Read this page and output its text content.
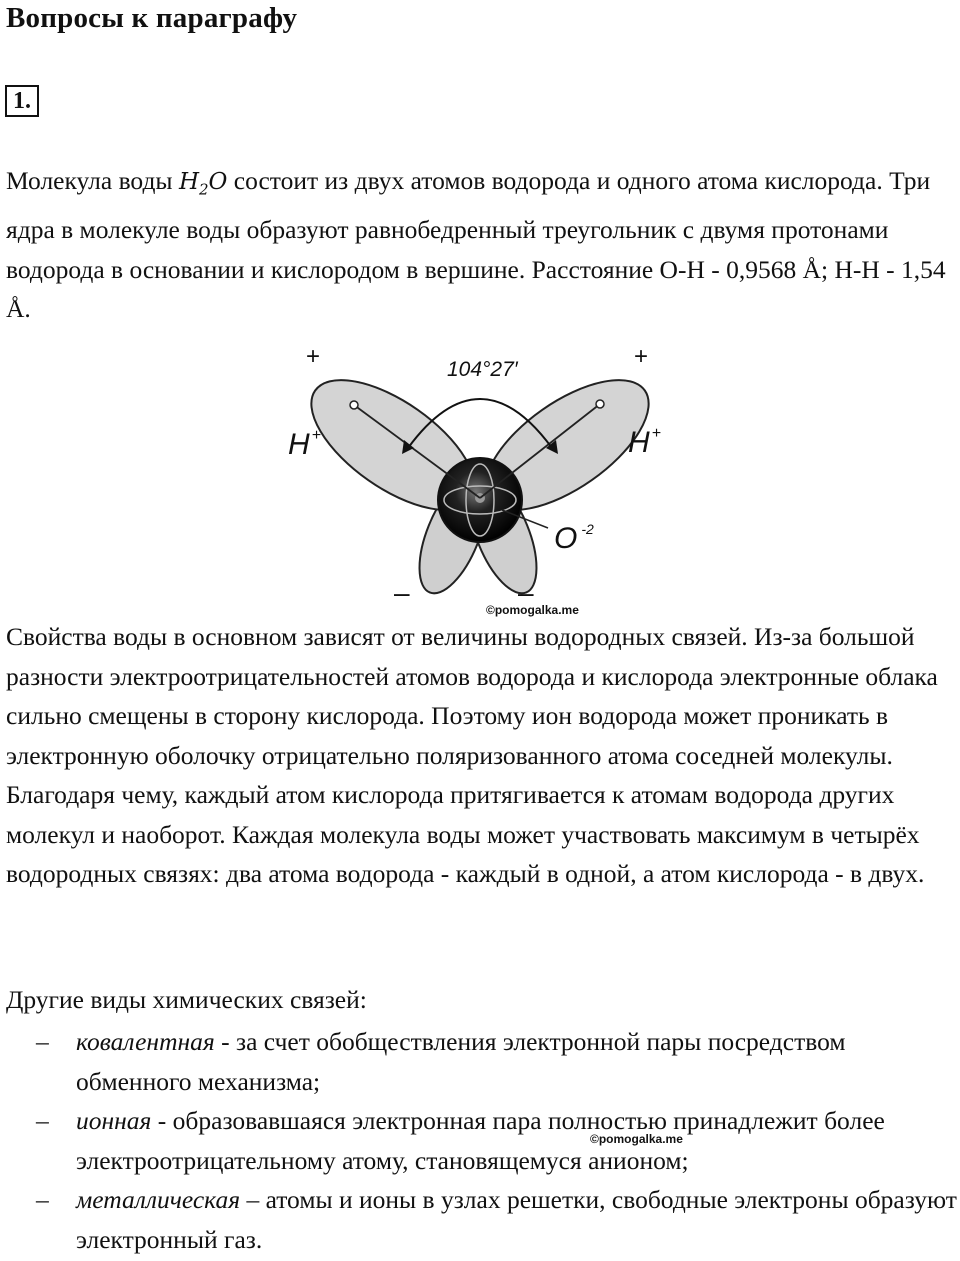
Вопросы к параграфу
1.

Молекула воды $H_2O$ состоит из двух атомов водорода и одного атома кислорода. Три ядра в молекуле воды образуют равнобедренный треугольник с двумя протонами водорода в основании и кислородом в вершине. Расстояние О-Н - 0,9568 Å; Н-Н - 1,54 Å.

104°27′
+	+
H +	H +
O $^{-2}$
–	–
©pomogalka.me

Свойства воды в основном зависят от величины водородных связей. Из-за большой разности электроотрицательностей атомов водорода и кислорода электронные облака сильно смещены в сторону кислорода. Поэтому ион водорода может проникать в электронную оболочку отрицательно поляризованного атома соседней молекулы. Благодаря чему, каждый атом кислорода притягивается к атомам водорода других молекул и наоборот. Каждая молекула воды может участвовать максимум в четырёх водородных связях: два атома водорода - каждый в одной, а атом кислорода - в двух.

Другие виды химических связей:

– ковалентная - за счет обобществления электронной пары посредством обменного механизма;
– ионная - образовавшаяся электронная пара полностью принадлежит более электроотрицательному атому, становящемуся анионом;
– металлическая – атомы и ионы в узлах решетки, свободные электроны образуют электронный газ.
©pomogalka.me
